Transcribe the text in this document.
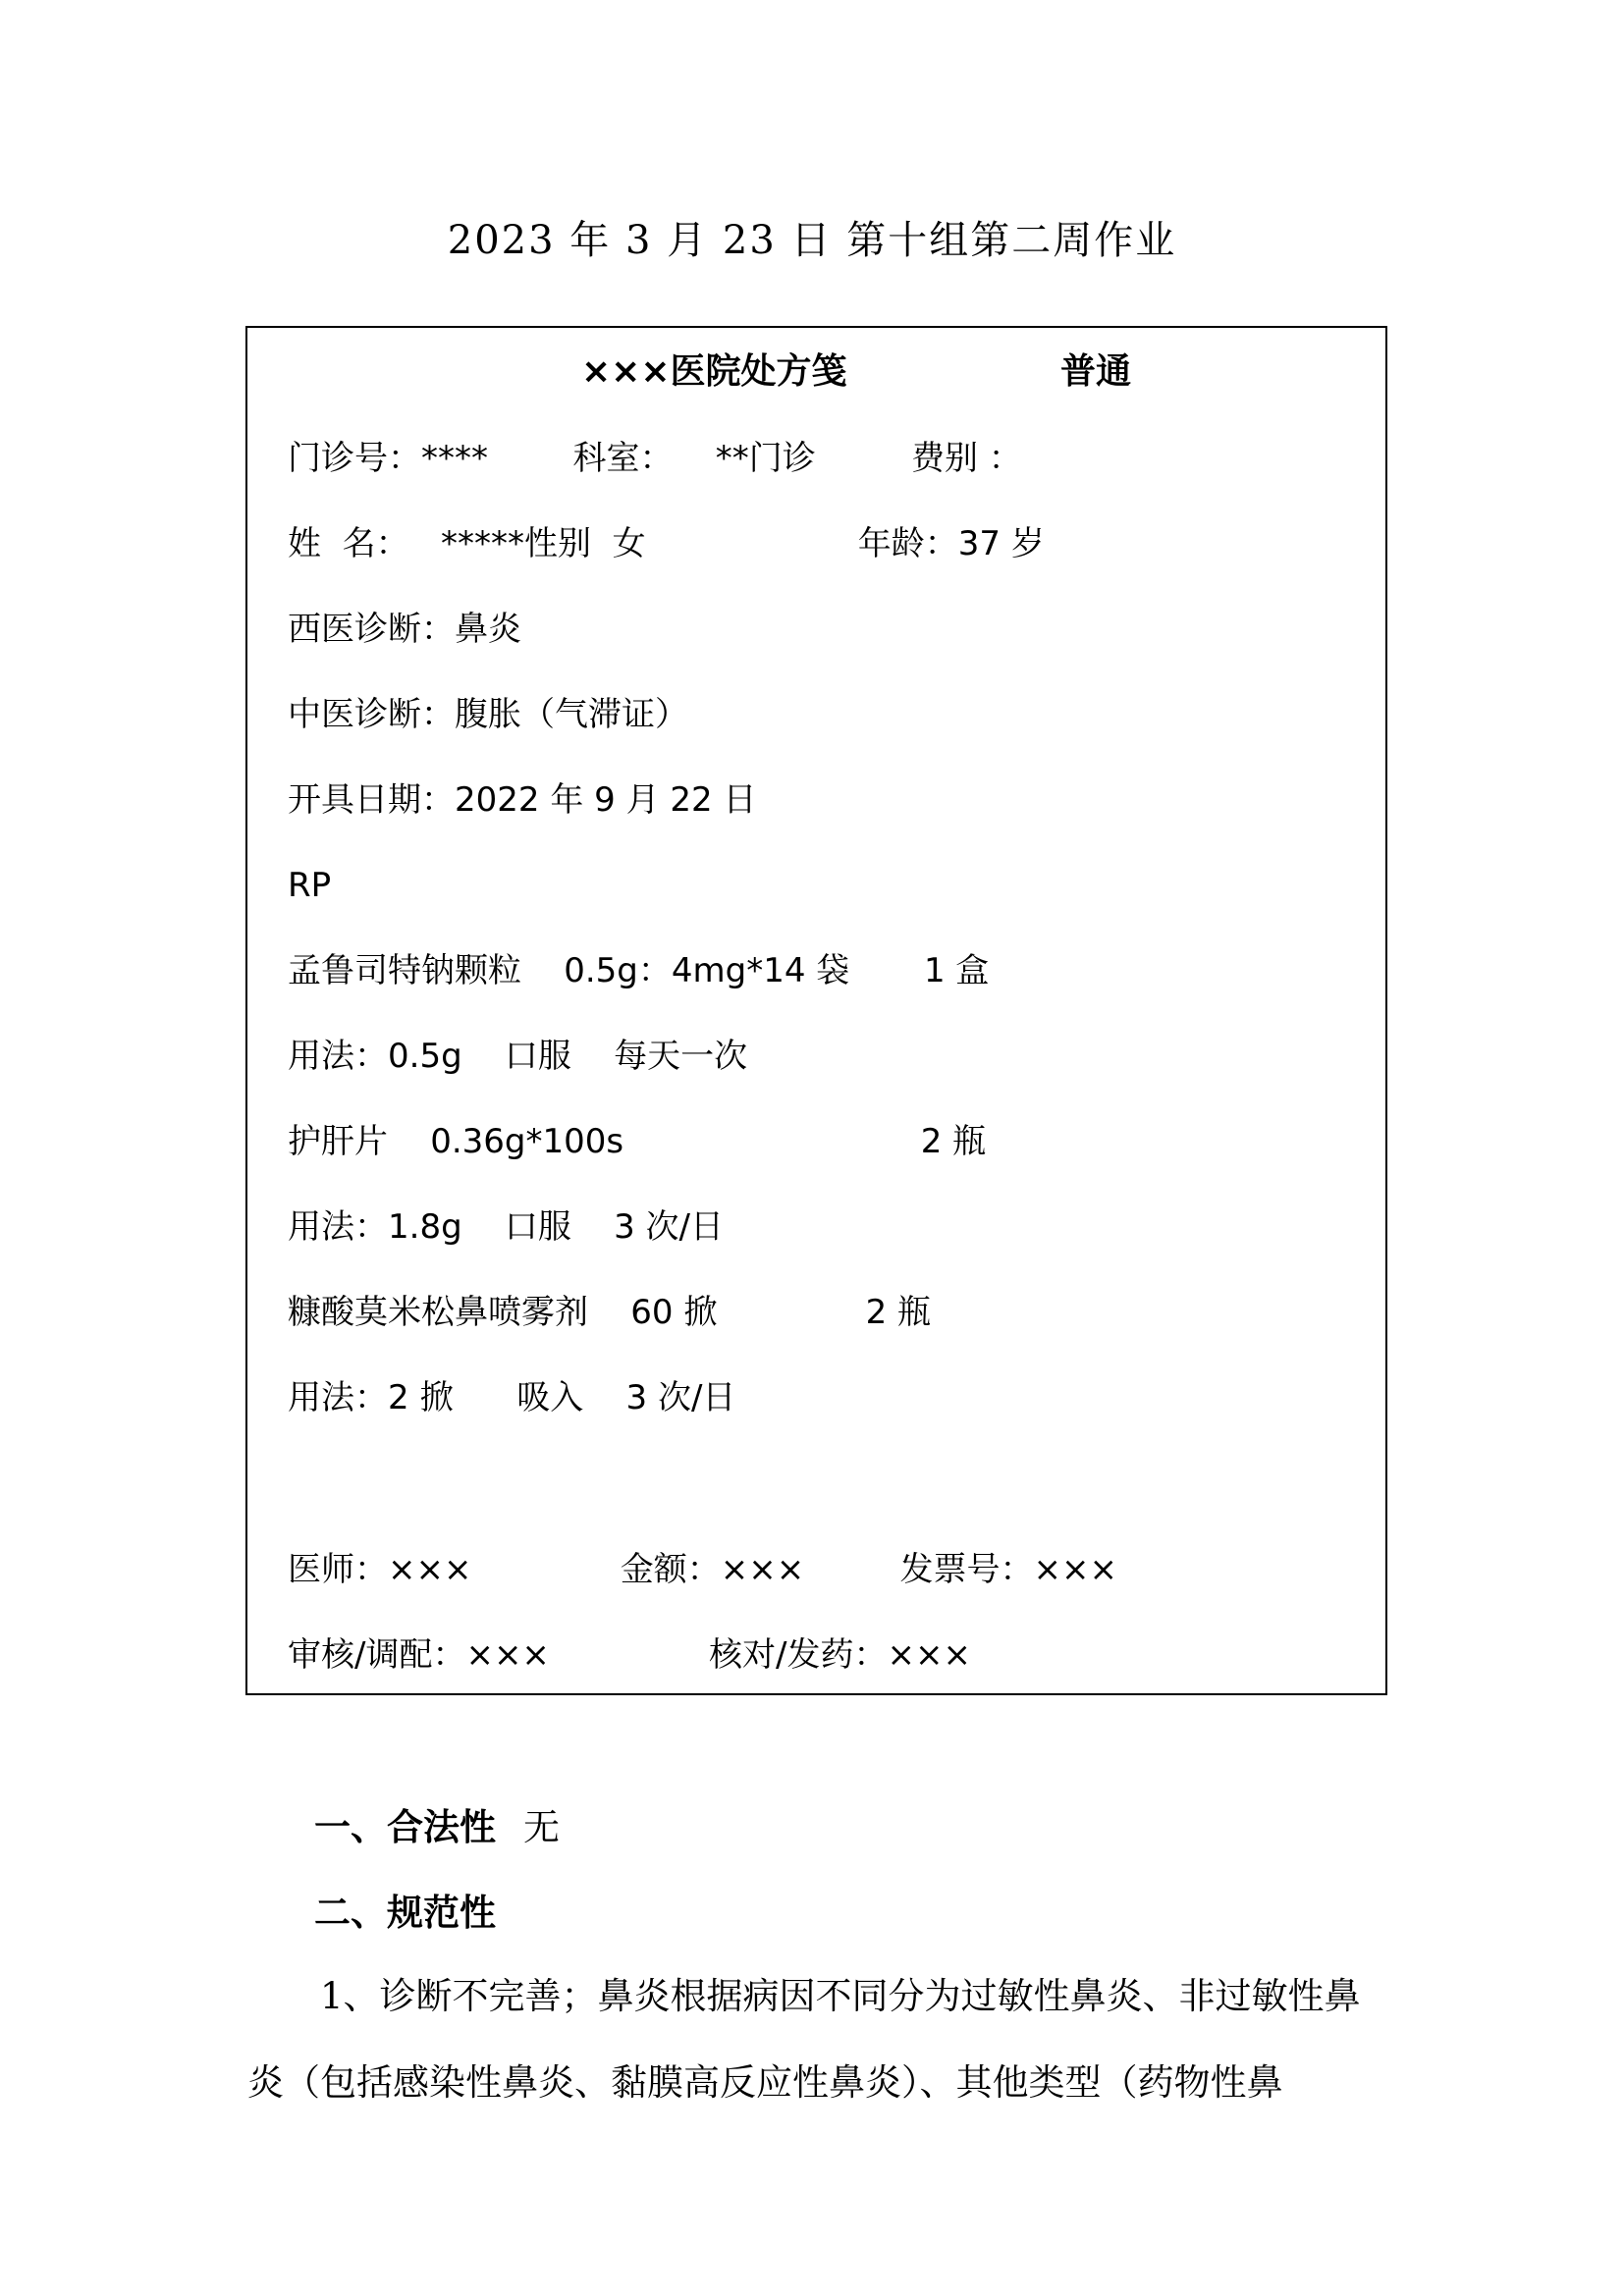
2023 年 3 月 23 日 第十组第二周作业
×××医院处方笺	普通
门诊号：****        科室：    **门诊         费别 ：
姓  名：   *****性别  女                    年龄：37 岁
西医诊断：鼻炎
中医诊断：腹胀（气滞证）
开具日期：2022 年 9 月 22 日
RP
孟鲁司特钠颗粒    0.5g：4mg*14 袋       1 盒
用法：0.5g    口服    每天一次
护肝片    0.36g*100s                            2 瓶
用法：1.8g    口服    3 次/日
糠酸莫米松鼻喷雾剂    60 掀              2 瓶
用法：2 掀      吸入    3 次/日
医师：×××              金额：×××         发票号：×××
审核/调配：×××               核对/发药：×××
一、合法性 无
二、规范性
1、诊断不完善；鼻炎根据病因不同分为过敏性鼻炎、非过敏性鼻炎（包括感染性鼻炎、黏膜高反应性鼻炎）、其他类型（药物性鼻
